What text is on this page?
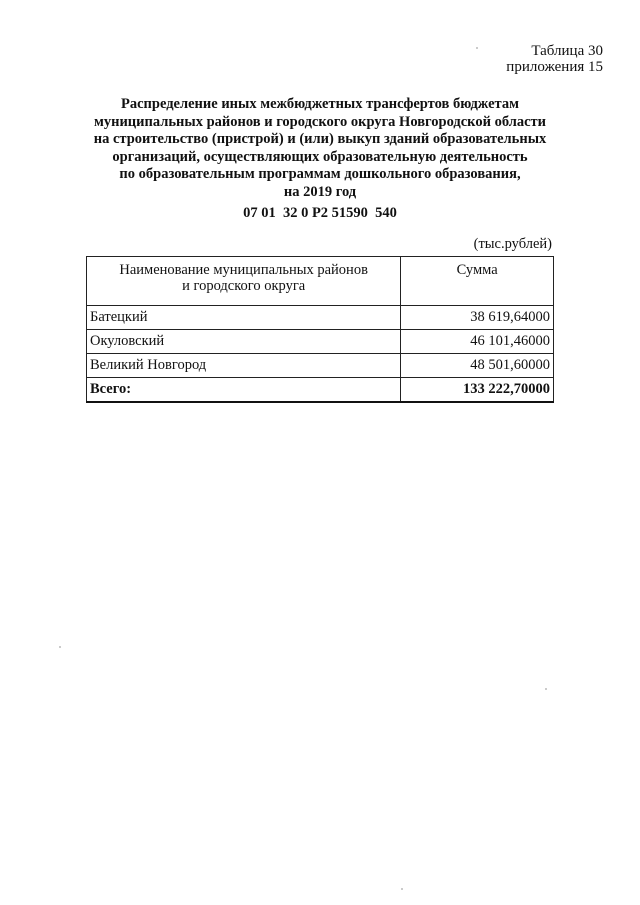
Таблица 30
приложения 15
Распределение иных межбюджетных трансфертов бюджетам
муниципальных районов и городского округа Новгородской области
на строительство (пристрой) и (или) выкуп зданий образовательных
организаций, осуществляющих образовательную деятельность
по образовательным программам дошкольного образования,
на 2019 год
07 01  32 0 P2 51590  540
(тыс.рублей)
Наименование муниципальных районов
и городского округа	Сумма
Батецкий	38 619,64000
Окуловский	46 101,46000
Великий Новгород	48 501,60000
Всего:	133 222,70000
